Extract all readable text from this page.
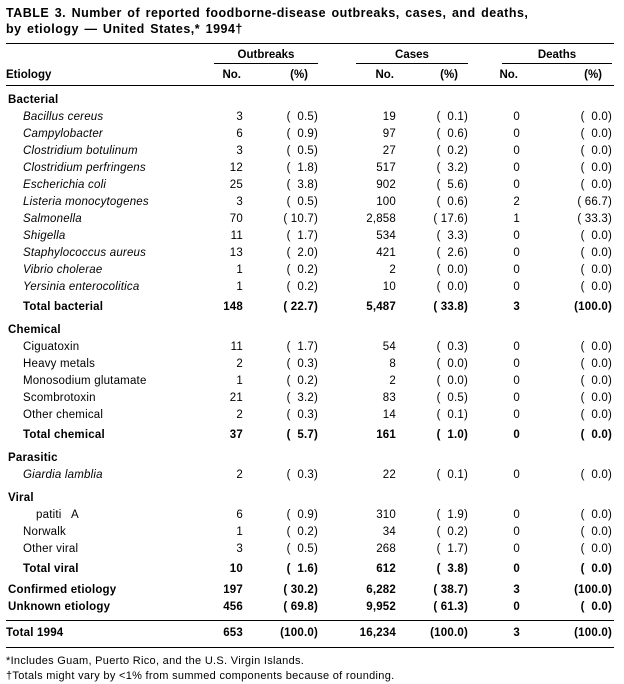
TABLE 3. Number of reported foodborne-disease outbreaks, cases, and deaths,
by etiology — United States,* 1994†
Outbreaks	Cases	Deaths
Etiology	No.	(%)	No.	(%)	No.	(%)
Bacterial
Bacillus cereus	3	(  0.5)	19	(  0.1)	0	(  0.0)
Campylobacter	6	(  0.9)	97	(  0.6)	0	(  0.0)
Clostridium botulinum	3	(  0.5)	27	(  0.2)	0	(  0.0)
Clostridium perfringens	12	(  1.8)	517	(  3.2)	0	(  0.0)
Escherichia coli	25	(  3.8)	902	(  5.6)	0	(  0.0)
Listeria monocytogenes	3	(  0.5)	100	(  0.6)	2	( 66.7)
Salmonella	70	( 10.7)	2,858	( 17.6)	1	( 33.3)
Shigella	11	(  1.7)	534	(  3.3)	0	(  0.0)
Staphylococcus aureus	13	(  2.0)	421	(  2.6)	0	(  0.0)
Vibrio cholerae	1	(  0.2)	2	(  0.0)	0	(  0.0)
Yersinia enterocolitica	1	(  0.2)	10	(  0.0)	0	(  0.0)
Total bacterial	148	( 22.7)	5,487	( 33.8)	3	(100.0)
Chemical
Ciguatoxin	11	(  1.7)	54	(  0.3)	0	(  0.0)
Heavy metals	2	(  0.3)	8	(  0.0)	0	(  0.0)
Monosodium glutamate	1	(  0.2)	2	(  0.0)	0	(  0.0)
Scombrotoxin	21	(  3.2)	83	(  0.5)	0	(  0.0)
Other chemical	2	(  0.3)	14	(  0.1)	0	(  0.0)
Total chemical	37	(  5.7)	161	(  1.0)	0	(  0.0)
Parasitic
Giardia lamblia	2	(  0.3)	22	(  0.1)	0	(  0.0)
Viral
patiti   A	6	(  0.9)	310	(  1.9)	0	(  0.0)
Norwalk	1	(  0.2)	34	(  0.2)	0	(  0.0)
Other viral	3	(  0.5)	268	(  1.7)	0	(  0.0)
Total viral	10	(  1.6)	612	(  3.8)	0	(  0.0)
Confirmed etiology	197	( 30.2)	6,282	( 38.7)	3	(100.0)
Unknown etiology	456	( 69.8)	9,952	( 61.3)	0	(  0.0)
Total 1994	653	(100.0)	16,234	(100.0)	3	(100.0)
*Includes Guam, Puerto Rico, and the U.S. Virgin Islands.
†Totals might vary by <1% from summed components because of rounding.
